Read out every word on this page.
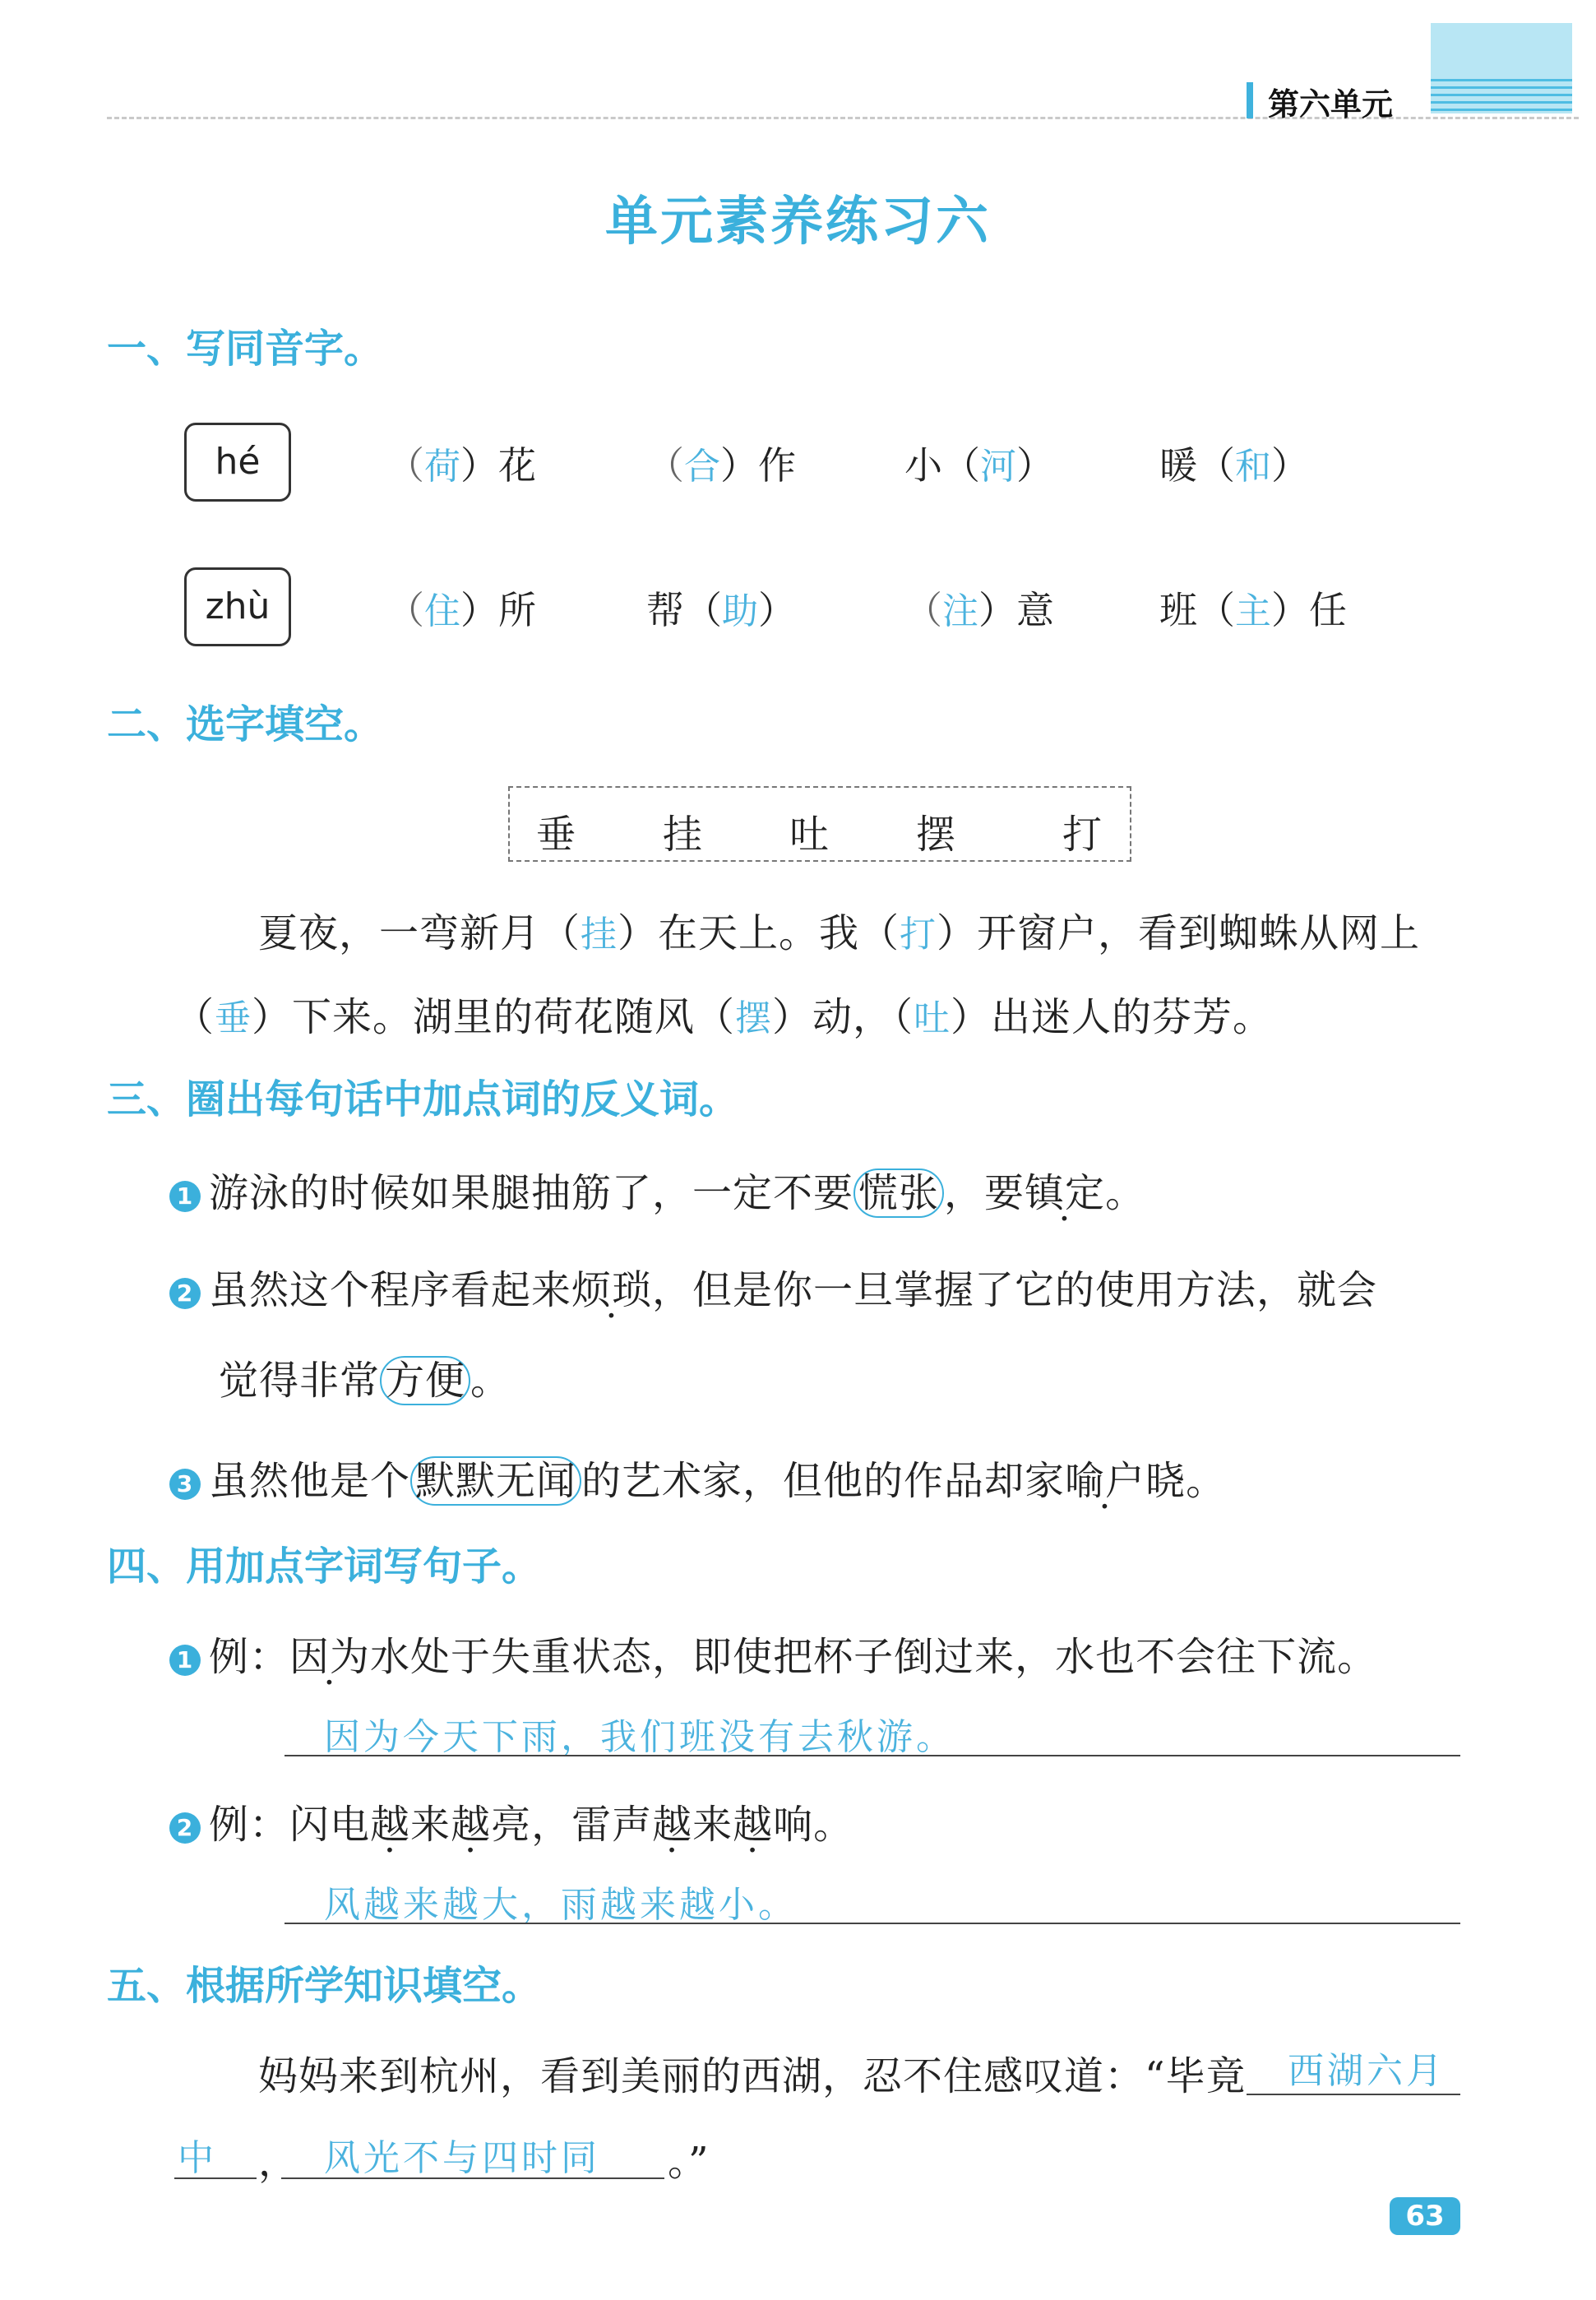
第六单元
单元素养练习六
一、写同音字。
hé	（荷）花	（合）作	小（河）	暖（和）
zhù	（住）所	帮（助）	（注）意	班（主）任
二、选字填空。
垂 挂 吐 摆	打
夏夜，一弯新月（挂）在天上。我（打）开窗户，看到蜘蛛从网上
（垂）下来。湖里的荷花随风（摆）动，（吐）出迷人的芬芳。
三、圈出每句话中加点词的反义词。
1 游泳的时候如果腿抽筋了，一定不要 慌张 ，要镇定。
2 虽然这个程序看起来烦琐，但是你一旦掌握了它的使用方法，就会
觉得非常 方便 。
3 虽然他是个 默默无闻 的艺术家，但他的作品却家喻户晓。
四、用加点字词写句子。
1 例：因为水处于失重状态，即使把杯子倒过来，水也不会往下流。
因为今天下雨，我们班没有去秋游。
2 例：闪电越来越亮，雷声越来越响。
风越来越大，雨越来越小。
五、根据所学知识填空。
妈妈来到杭州，看到美丽的西湖，忍不住感叹道：“毕竟 西湖六月
中 ， 风光不与四时同 。”
63
